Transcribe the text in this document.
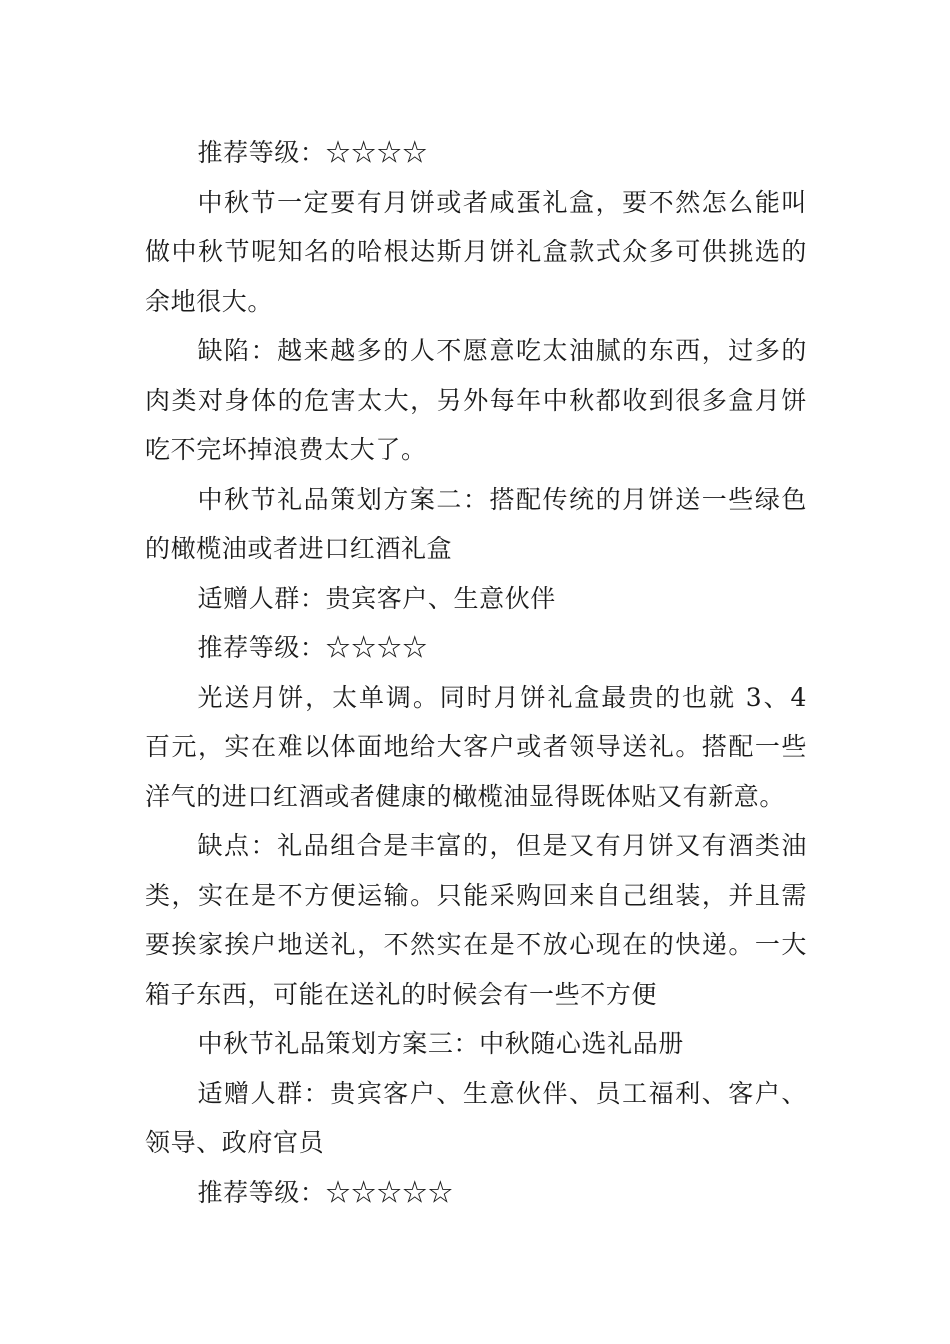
推荐等级：☆☆☆☆

中秋节一定要有月饼或者咸蛋礼盒，要不然怎么能叫做中秋节呢知名的哈根达斯月饼礼盒款式众多可供挑选的余地很大。

缺陷：越来越多的人不愿意吃太油腻的东西，过多的肉类对身体的危害太大，另外每年中秋都收到很多盒月饼吃不完坏掉浪费太大了。

中秋节礼品策划方案二：搭配传统的月饼送一些绿色的橄榄油或者进口红酒礼盒

适赠人群：贵宾客户、生意伙伴

推荐等级：☆☆☆☆

光送月饼，太单调。同时月饼礼盒最贵的也就 3、4 百元，实在难以体面地给大客户或者领导送礼。搭配一些洋气的进口红酒或者健康的橄榄油显得既体贴又有新意。

缺点：礼品组合是丰富的，但是又有月饼又有酒类油类，实在是不方便运输。只能采购回来自己组装，并且需要挨家挨户地送礼，不然实在是不放心现在的快递。一大箱子东西，可能在送礼的时候会有一些不方便

中秋节礼品策划方案三：中秋随心选礼品册

适赠人群：贵宾客户、生意伙伴、员工福利、客户、领导、政府官员

推荐等级：☆☆☆☆☆
